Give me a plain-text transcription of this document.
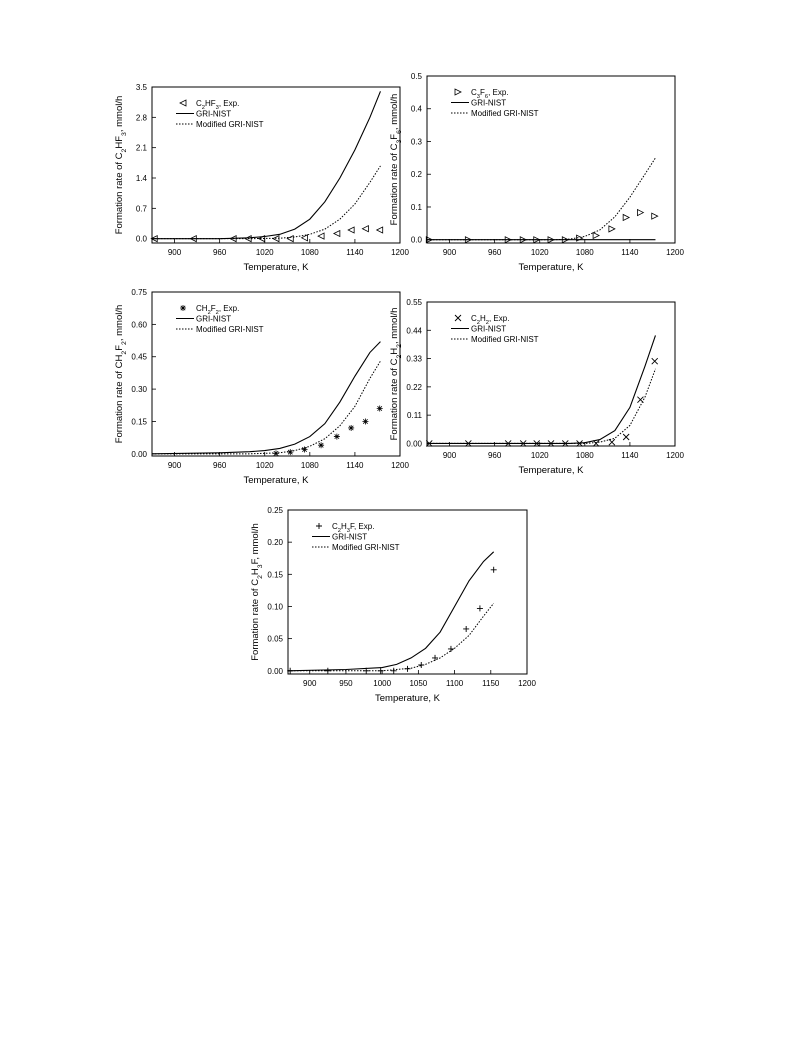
900	960	1020	1080	1140	1200
0.0
0.7
1.4
2.1
2.8
3.5
Temperature, K
Formation rate of $C_2HF_3$, mmol/h	$C_2HF_3$, Exp.
GRI-NIST
Modified GRI-NIST
900	960	1020	1080	1140	1200
0.0
0.1
0.2
0.3
0.4
0.5
Temperature, K
Formation rate of $C_3F_6$, mmol/h
$C_3F_6$, Exp.
GRI-NIST
Modified GRI-NIST
900	960	1020	1080	1140	1200
0.00
0.15
0.30
0.45
0.60
0.75
Temperature, K
Formation rate of $CH_2F_2$, mmol/h	$CH_2F_2$, Exp.
GRI-NIST
Modified GRI-NIST
900	960	1020	1080	1140	1200
0.00
0.11
0.22
0.33
0.44
0.55
Temperature, K
Formation rate of $C_2H_2$, mmol/h	$C_2H_2$, Exp.
GRI-NIST
Modified GRI-NIST
900	950	1000 1050 1100 1150 1200
0.00
0.05
0.10
0.15
0.20
0.25
Temperature, K
Formation rate of $C_2H_3F$, mmol/h	$C_2H_3F$, Exp.
GRI-NIST
Modified GRI-NIST
